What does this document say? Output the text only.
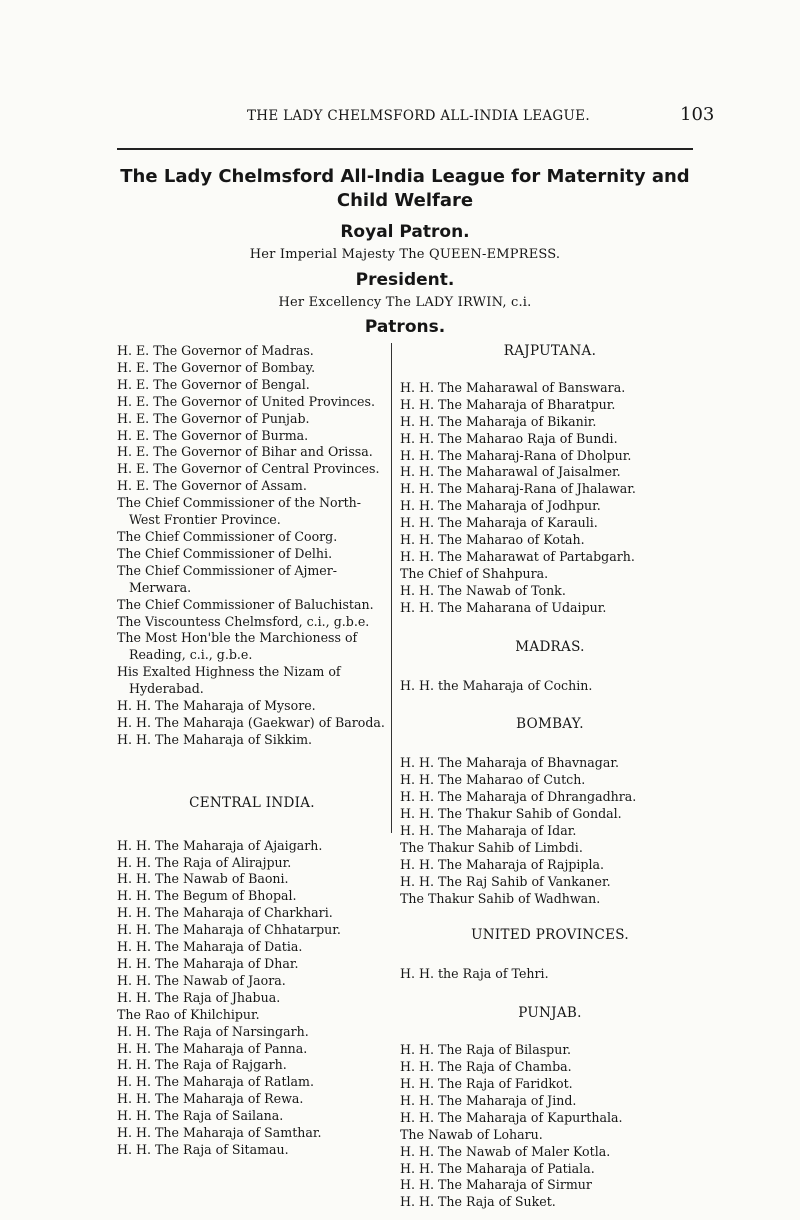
THE LADY CHELMSFORD ALL-INDIA LEAGUE.	103
The Lady Chelmsford All-India League for Maternity and Child Welfare
Royal Patron.
Her Imperial Majesty The QUEEN-EMPRESS.
President.
Her Excellency The LADY IRWIN, c.i.
Patrons.
H. E. The Governor of Madras.
H. E. The Governor of Bombay.
H. E. The Governor of Bengal.
H. E. The Governor of United Provinces.
H. E. The Governor of Punjab.
H. E. The Governor of Burma.
H. E. The Governor of Bihar and Orissa.
H. E. The Governor of Central Provinces.
H. E. The Governor of Assam.
The Chief Commissioner of the North-
West Frontier Province.
The Chief Commissioner of Coorg.
The Chief Commissioner of Delhi.
The Chief Commissioner of Ajmer-
Merwara.
The Chief Commissioner of Baluchistan.
The Viscountess Chelmsford, c.i., g.b.e.
The Most Hon'ble the Marchioness of
Reading, c.i., g.b.e.
His Exalted Highness the Nizam of
Hyderabad.
H. H. The Maharaja of Mysore.
H. H. The Maharaja (Gaekwar) of Baroda.
H. H. The Maharaja of Sikkim.
CENTRAL INDIA.
H. H. The Maharaja of Ajaigarh.
H. H. The Raja of Alirajpur.
H. H. The Nawab of Baoni.
H. H. The Begum of Bhopal.
H. H. The Maharaja of Charkhari.
H. H. The Maharaja of Chhatarpur.
H. H. The Maharaja of Datia.
H. H. The Maharaja of Dhar.
H. H. The Nawab of Jaora.
H. H. The Raja of Jhabua.
The Rao of Khilchipur.
H. H. The Raja of Narsingarh.
H. H. The Maharaja of Panna.
H. H. The Raja of Rajgarh.
H. H. The Maharaja of Ratlam.
H. H. The Maharaja of Rewa.
H. H. The Raja of Sailana.
H. H. The Maharaja of Samthar.
H. H. The Raja of Sitamau.
RAJPUTANA.
H. H. The Maharawal of Banswara.
H. H. The Maharaja of Bharatpur.
H. H. The Maharaja of Bikanir.
H. H. The Maharao Raja of Bundi.
H. H. The Maharaj-Rana of Dholpur.
H. H. The Maharawal of Jaisalmer.
H. H. The Maharaj-Rana of Jhalawar.
H. H. The Maharaja of Jodhpur.
H. H. The Maharaja of Karauli.
H. H. The Maharao of Kotah.
H. H. The Maharawat of Partabgarh.
The Chief of Shahpura.
H. H. The Nawab of Tonk.
H. H. The Maharana of Udaipur.
MADRAS.
H. H. the Maharaja of Cochin.
BOMBAY.
H. H. The Maharaja of Bhavnagar.
H. H. The Maharao of Cutch.
H. H. The Maharaja of Dhrangadhra.
H. H. The Thakur Sahib of Gondal.
H. H. The Maharaja of Idar.
The Thakur Sahib of Limbdi.
H. H. The Maharaja of Rajpipla.
H. H. The Raj Sahib of Vankaner.
The Thakur Sahib of Wadhwan.
UNITED PROVINCES.
H. H. the Raja of Tehri.
PUNJAB.
H. H. The Raja of Bilaspur.
H. H. The Raja of Chamba.
H. H. The Raja of Faridkot.
H. H. The Maharaja of Jind.
H. H. The Maharaja of Kapurthala.
The Nawab of Loharu.
H. H. The Nawab of Maler Kotla.
H. H. The Maharaja of Patiala.
H. H. The Maharaja of Sirmur
H. H. The Raja of Suket.
